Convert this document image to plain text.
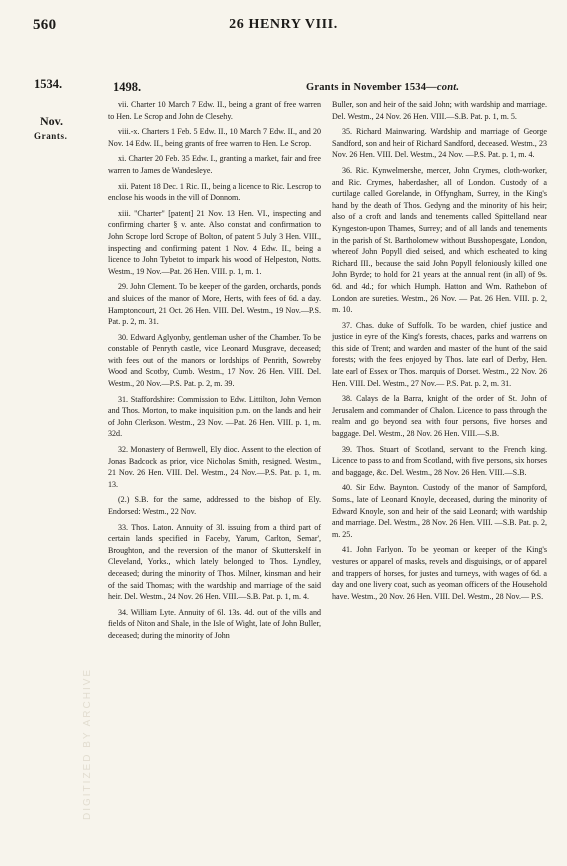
560	26 HENRY VIII.
1534.
Nov.
Grants.
1498.	Grants in November 1534—cont.
DIGITIZED BY ARCHIVE

vii. Charter 10 March 7 Edw. II., being a grant of free warren to Hen. Le Scrop and John de Clesehy.

viii.-x. Charters 1 Feb. 5 Edw. II., 10 March 7 Edw. II., and 20 Nov. 14 Edw. II., being grants of free warren to Hen. Le Scrop.

xi. Charter 20 Feb. 35 Edw. I., granting a market, fair and free warren to James de Wandesleye.

xii. Patent 18 Dec. 1 Ric. II., being a licence to Ric. Lescrop to enclose his woods in the vill of Donnom.

xiii. "Charter" [patent] 21 Nov. 13 Hen. VI., inspecting and confirming charter § v. ante. Also constat and confirmation to John Scrope lord Scrope of Bolton, of patent 5 July 3 Hen. VIII., inspecting and confirming patent 1 Nov. 4 Edw. II., being a licence to John Tybetot to impark his wood of Helpeston, Notts. Westm., 19 Nov.—Pat. 26 Hen. VIII. p. 1, m. 1.

29. John Clement. To be keeper of the garden, orchards, ponds and sluices of the manor of More, Herts, with fees of 6d. a day. Hamptoncourt, 21 Oct. 26 Hen. VIII. Del. Westm., 19 Nov.—P.S. Pat. p. 2, m. 31.

30. Edward Aglyonby, gentleman usher of the Chamber. To be constable of Penryth castle, vice Leonard Musgrave, deceased; with fees out of the manors or lordships of Penrith, Sowreby Wood and Scotby, Cumb. Westm., 17 Nov. 26 Hen. VIII. Del. Westm., 20 Nov.—P.S. Pat. p. 2, m. 39.

31. Staffordshire: Commission to Edw. Littilton, John Vernon and Thos. Morton, to make inquisition p.m. on the lands and heir of John Clerkson. Westm., 23 Nov. —Pat. 26 Hen. VIII. p. 1, m. 32d.

32. Monastery of Bernwell, Ely dioc. Assent to the election of Jonas Badcock as prior, vice Nicholas Smith, resigned. Westm., 21 Nov. 26 Hen. VIII. Del. Westm., 24 Nov.—P.S. Pat. p. 1, m. 13.

(2.) S.B. for the same, addressed to the bishop of Ely. Endorsed: Westm., 22 Nov.

33. Thos. Laton. Annuity of 3l. issuing from a third part of certain lands specified in Faceby, Yarum, Carlton, Semar', Broughton, and the reversion of the manor of Skutterskelf in Cleveland, Yorks., which lately belonged to Thos. Lyndley, deceased; during the minority of Thos. Milner, kinsman and heir of the said Thomas; with the wardship and marriage of the said heir. Del. Westm., 24 Nov. 26 Hen. VIII.—S.B. Pat. p. 1, m. 4.

34. William Lyte. Annuity of 6l. 13s. 4d. out of the vills and fields of Niton and Shale, in the Isle of Wight, late of John Buller, deceased; during the minority of John

Buller, son and heir of the said John; with wardship and marriage. Del. Westm., 24 Nov. 26 Hen. VIII.—S.B. Pat. p. 1, m. 5.

35. Richard Mainwaring. Wardship and marriage of George Sandford, son and heir of Richard Sandford, deceased. Westm., 23 Nov. 26 Hen. VIII. Del. Westm., 24 Nov. —P.S. Pat. p. 1, m. 4.

36. Ric. Kynwelmershe, mercer, John Crymes, cloth-worker, and Ric. Crymes, haberdasher, all of London. Custody of a curtilage called Gorelande, in Offyngham, Surrey, in the King's hand by the death of Thos. Gedyng and the minority of his heir; also of a croft and lands and tenements called Spittelland near Kyngeston-upon Thames, Surrey; and of all lands and tenements in the parish of St. Bartholomew without Busshopesgate, London, whereof John Popyll died seised, and which escheated to king Richard III., because the said John Popyll feloniously killed one John Byrde; to hold for 21 years at the annual rent (in all) of 9s. 6d. and 4d.; for which Humph. Hatton and Wm. Rathebon of London are sureties. Westm., 26 Nov. — Pat. 26 Hen. VIII. p. 2, m. 10.

37. Chas. duke of Suffolk. To be warden, chief justice and justice in eyre of the King's forests, chaces, parks and warrens on this side of Trent; and warden and master of the hunt of the said forests; with the fees enjoyed by Thos. late earl of Derby, Hen. late earl of Essex or Thos. marquis of Dorset. Westm., 22 Nov. 26 Hen. VIII. Del. Westm., 27 Nov.— P.S. Pat. p. 2, m. 31.

38. Calays de la Barra, knight of the order of St. John of Jerusalem and commander of Chalon. Licence to pass through the realm and go beyond sea with four persons, five horses and baggage. Del. Westm., 28 Nov. 26 Hen. VIII.—S.B.

39. Thos. Stuart of Scotland, servant to the French king. Licence to pass to and from Scotland, with five persons, six horses and baggage, &c. Del. Westm., 28 Nov. 26 Hen. VIII.—S.B.

40. Sir Edw. Baynton. Custody of the manor of Sampford, Soms., late of Leonard Knoyle, deceased, during the minority of Edward Knoyle, son and heir of the said Leonard; with wardship and marriage. Del. Westm., 28 Nov. 26 Hen. VIII. —S.B. Pat. p. 2, m. 25.

41. John Farlyon. To be yeoman or keeper of the King's vestures or apparel of masks, revels and disguisings, or of apparel and trappers of horses, for justes and turneys, with wages of 6d. a day and one livery coat, such as yeoman officers of the Household have. Westm., 20 Nov. 26 Hen. VIII. Del. Westm., 28 Nov.— P.S.
